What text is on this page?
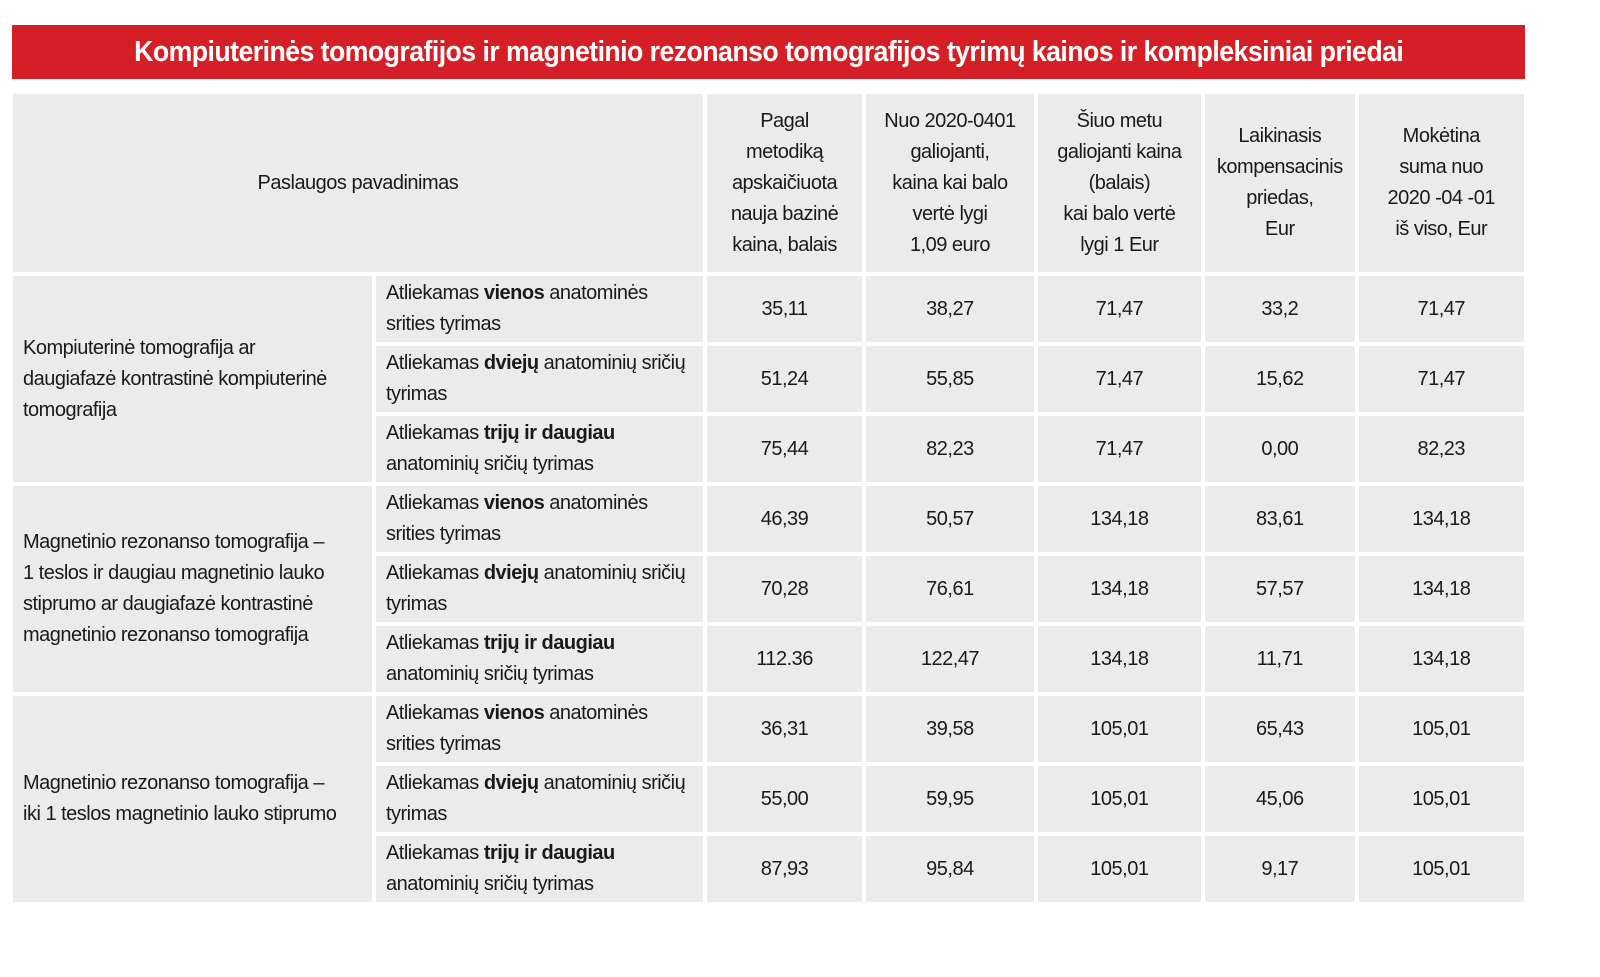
Kompiuterinės tomografijos ir magnetinio rezonanso tomografijos tyrimų kainos ir kompleksiniai priedai
Paslaugos pavadinimas		Pagal
metodiką
apskaičiuota
nauja bazinė
kaina, balais	Nuo 2020-0401
galiojanti,
kaina kai balo
vertė lygi
1,09 euro	Šiuo metu
galiojanti kaina
(balais)
kai balo vertė
lygi 1 Eur	Laikinasis
kompensacinis
priedas,
Eur	Mokėtina
suma nuo
2020 -04 -01
iš viso, Eur
Kompiuterinė tomografija ar
daugiafazė kontrastinė kompiuterinė
tomografija	Atliekamas vienos anatominės srities tyrimas	35,11	38,27	71,47	33,2	71,47
	Atliekamas dviejų anatominių sričių tyrimas	51,24	55,85	71,47	15,62	71,47
	Atliekamas trijų ir daugiau anatominių sričių tyrimas	75,44	82,23	71,47	0,00	82,23
Magnetinio rezonanso tomografija –
1 teslos ir daugiau magnetinio lauko
stiprumo ar daugiafazė kontrastinė
magnetinio rezonanso tomografija	Atliekamas vienos anatominės srities tyrimas	46,39	50,57	134,18	83,61	134,18
	Atliekamas dviejų anatominių sričių tyrimas	70,28	76,61	134,18	57,57	134,18
	Atliekamas trijų ir daugiau anatominių sričių tyrimas	112.36	122,47	134,18	11,71	134,18
Magnetinio rezonanso tomografija –
iki 1 teslos magnetinio lauko stiprumo	Atliekamas vienos anatominės srities tyrimas	36,31	39,58	105,01	65,43	105,01
	Atliekamas dviejų anatominių sričių tyrimas	55,00	59,95	105,01	45,06	105,01
	Atliekamas trijų ir daugiau anatominių sričių tyrimas	87,93	95,84	105,01	9,17	105,01
